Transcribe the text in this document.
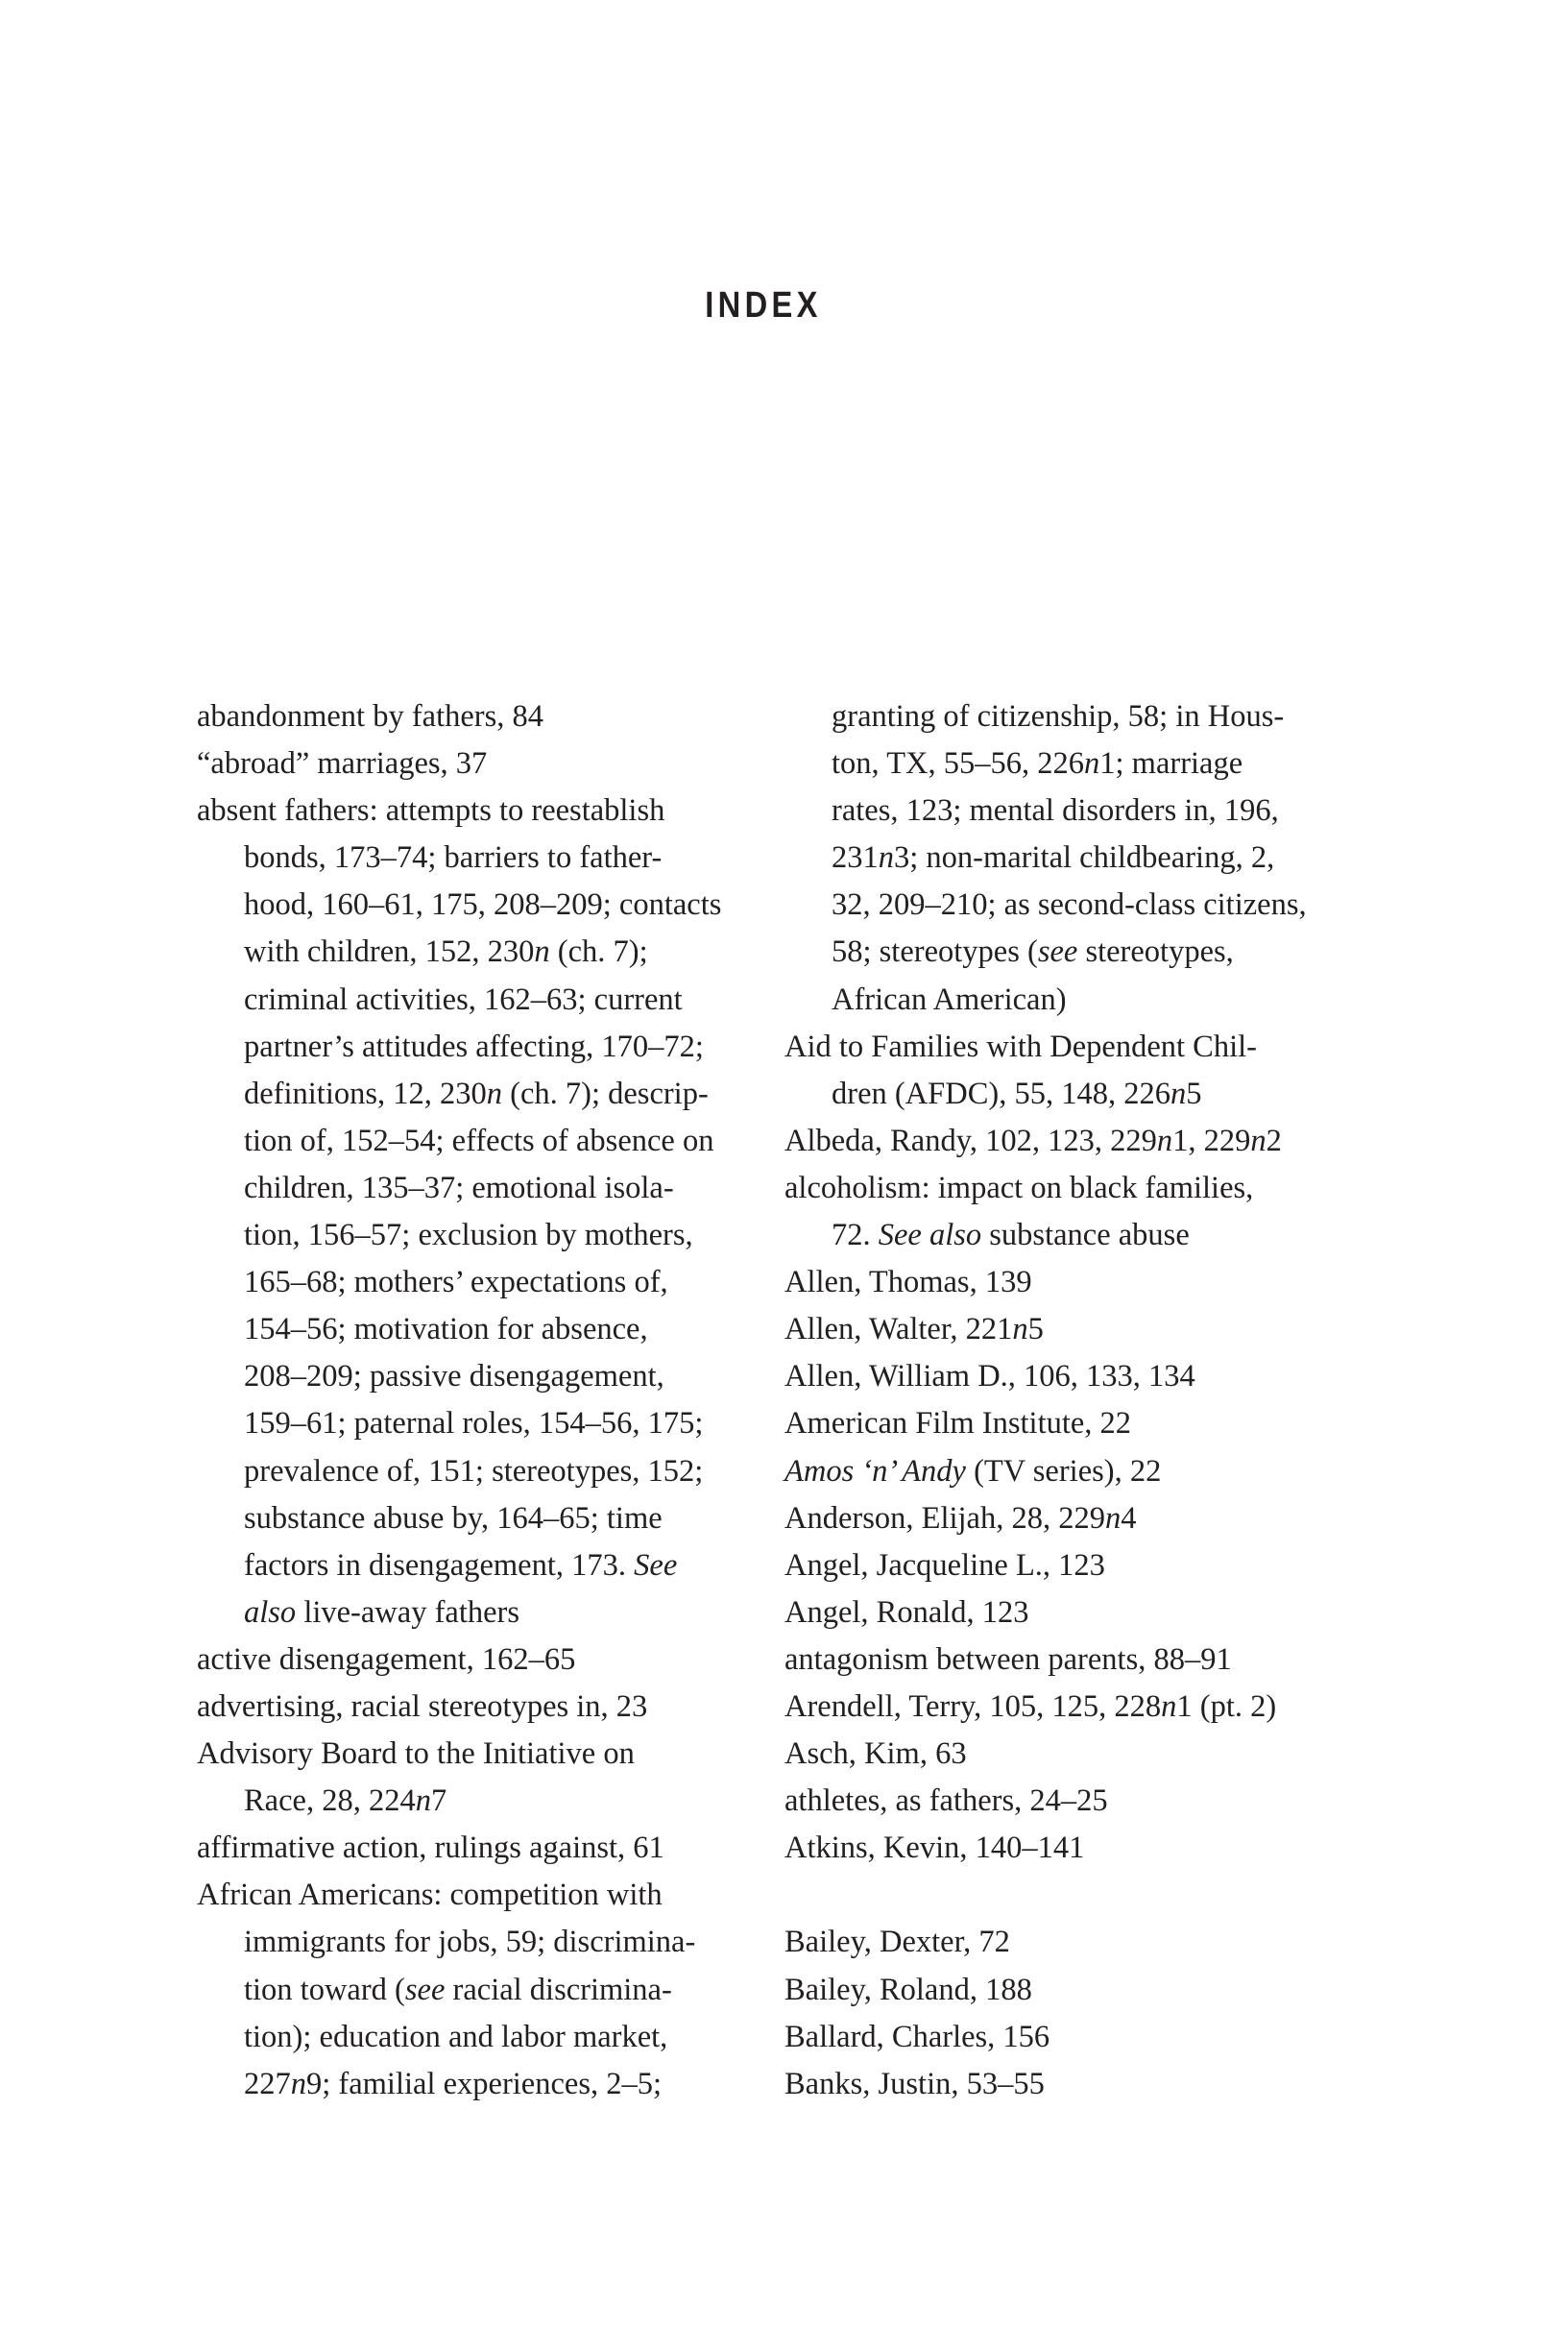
INDEX
abandonment by fathers, 84
“abroad” marriages, 37
absent fathers: attempts to reestablish
bonds, 173–74; barriers to father-
hood, 160–61, 175, 208–209; contacts
with children, 152, 230n (ch. 7);
criminal activities, 162–63; current
partner’s attitudes affecting, 170–72;
definitions, 12, 230n (ch. 7); descrip-
tion of, 152–54; effects of absence on
children, 135–37; emotional isola-
tion, 156–57; exclusion by mothers,
165–68; mothers’ expectations of,
154–56; motivation for absence,
208–209; passive disengagement,
159–61; paternal roles, 154–56, 175;
prevalence of, 151; stereotypes, 152;
substance abuse by, 164–65; time
factors in disengagement, 173. See
also live-away fathers
active disengagement, 162–65
advertising, racial stereotypes in, 23
Advisory Board to the Initiative on
Race, 28, 224n7
affirmative action, rulings against, 61
African Americans: competition with
immigrants for jobs, 59; discrimina-
tion toward (see racial discrimina-
tion); education and labor market,
227n9; familial experiences, 2–5;
granting of citizenship, 58; in Hous-
ton, TX, 55–56, 226n1; marriage
rates, 123; mental disorders in, 196,
231n3; non-marital childbearing, 2,
32, 209–210; as second-class citizens,
58; stereotypes (see stereotypes,
African American)
Aid to Families with Dependent Chil-
dren (AFDC), 55, 148, 226n5
Albeda, Randy, 102, 123, 229n1, 229n2
alcoholism: impact on black families,
72. See also substance abuse
Allen, Thomas, 139
Allen, Walter, 221n5
Allen, William D., 106, 133, 134
American Film Institute, 22
Amos ‘n’ Andy (TV series), 22
Anderson, Elijah, 28, 229n4
Angel, Jacqueline L., 123
Angel, Ronald, 123
antagonism between parents, 88–91
Arendell, Terry, 105, 125, 228n1 (pt. 2)
Asch, Kim, 63
athletes, as fathers, 24–25
Atkins, Kevin, 140–141
Bailey, Dexter, 72
Bailey, Roland, 188
Ballard, Charles, 156
Banks, Justin, 53–55
